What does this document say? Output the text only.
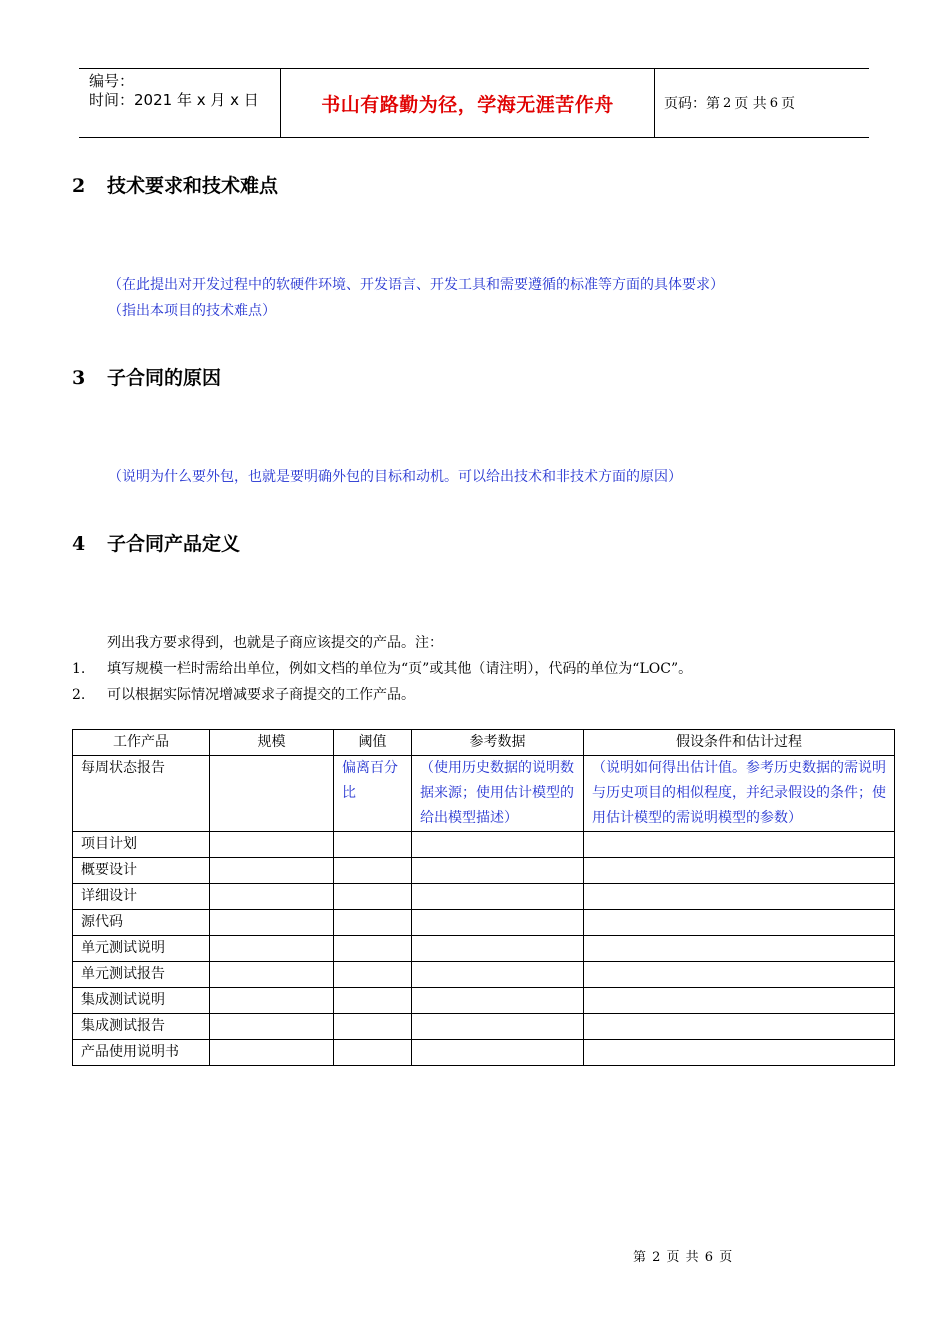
编号：
时间：2021 年 x 月 x 日	书山有路勤为径，学海无涯苦作舟	页码：第 2 页 共 6 页
2 技术要求和技术难点
（在此提出对开发过程中的软硬件环境、开发语言、开发工具和需要遵循的标准等方面的具体要求）
（指出本项目的技术难点）
3 子合同的原因
（说明为什么要外包，也就是要明确外包的目标和动机。可以给出技术和非技术方面的原因）
4 子合同产品定义
列出我方要求得到，也就是子商应该提交的产品。注：
1. 填写规模一栏时需给出单位，例如文档的单位为“页”或其他（请注明），代码的单位为“LOC”。
2. 可以根据实际情况增减要求子商提交的工作产品。
工作产品	规模	阈值	参考数据	假设条件和估计过程
每周状态报告		偏离百分比	（使用历史数据的说明数据来源；使用估计模型的给出模型描述）	（说明如何得出估计值。参考历史数据的需说明与历史项目的相似程度，并纪录假设的条件；使用估计模型的需说明模型的参数）
项目计划				
概要设计				
详细设计				
源代码				
单元测试说明				
单元测试报告				
集成测试说明				
集成测试报告				
产品使用说明书				
第 2 页 共 6 页
